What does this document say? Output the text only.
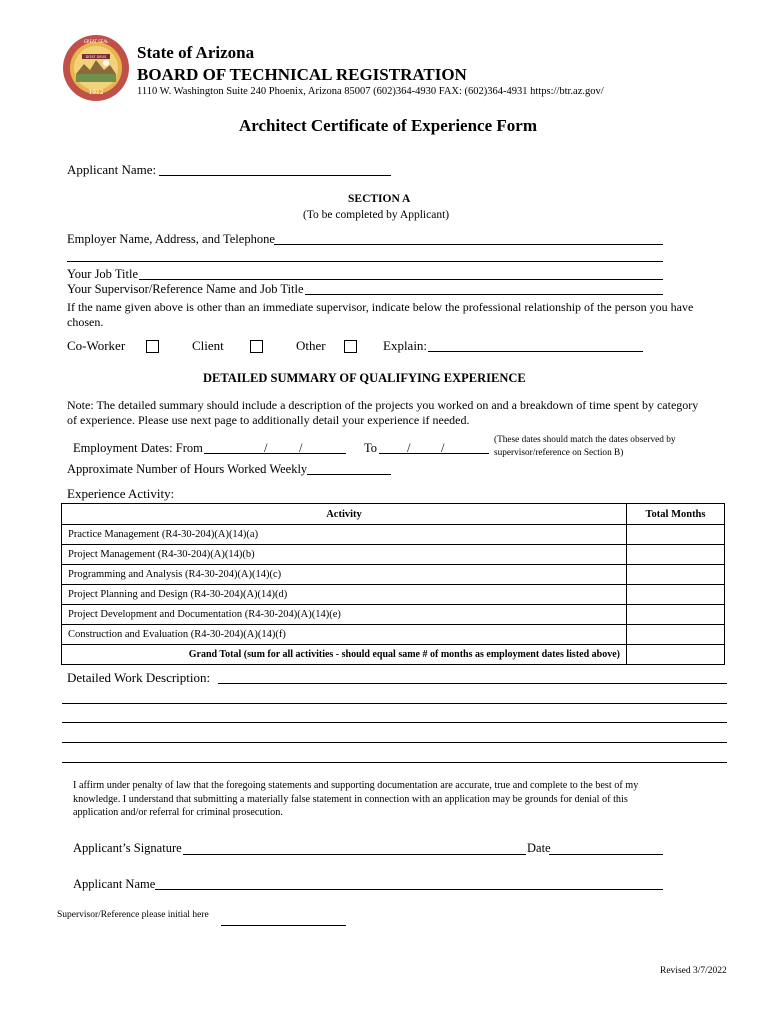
DITAT DEUS
1912
GREAT SEAL
State of Arizona
BOARD OF TECHNICAL REGISTRATION
1110 W. Washington Suite 240 Phoenix, Arizona 85007 (602)364-4930 FAX: (602)364-4931 https://btr.az.gov/
Architect Certificate of Experience Form
Applicant Name:
SECTION A
(To be completed by Applicant)
Employer Name, Address, and Telephone
Your Job Title
Your Supervisor/Reference Name and Job Title
If the name given above is other than an immediate supervisor, indicate below the professional relationship of the person you have chosen.
Co-Worker	Client	Other	Explain:
DETAILED SUMMARY OF QUALIFYING EXPERIENCE
Note: The detailed summary should include a description of the projects you worked on and a breakdown of time spent by category of experience. Please use next page to additionally detail your experience if needed.
Employment Dates: From	/	/	To / /
(These dates should match the dates observed by supervisor/reference on Section B)
Approximate Number of Hours Worked Weekly
Experience Activity:
Activity	Total Months
Practice Management (R4-30-204)(A)(14)(a)	
Project Management (R4-30-204)(A)(14)(b)	
Programming and Analysis (R4-30-204)(A)(14)(c)	
Project Planning and Design (R4-30-204)(A)(14)(d)	
Project Development and Documentation (R4-30-204)(A)(14)(e)	
Construction and Evaluation (R4-30-204)(A)(14)(f)	
Grand Total (sum for all activities - should equal same # of months as employment dates listed above)	
Detailed Work Description:
I affirm under penalty of law that the foregoing statements and supporting documentation are accurate, true and complete to the best of my knowledge. I understand that submitting a materially false statement in connection with an application may be grounds for denial of this application and/or referral for criminal prosecution.
Applicant’s Signature	Date
Applicant Name
Supervisor/Reference please initial here
Revised 3/7/2022
